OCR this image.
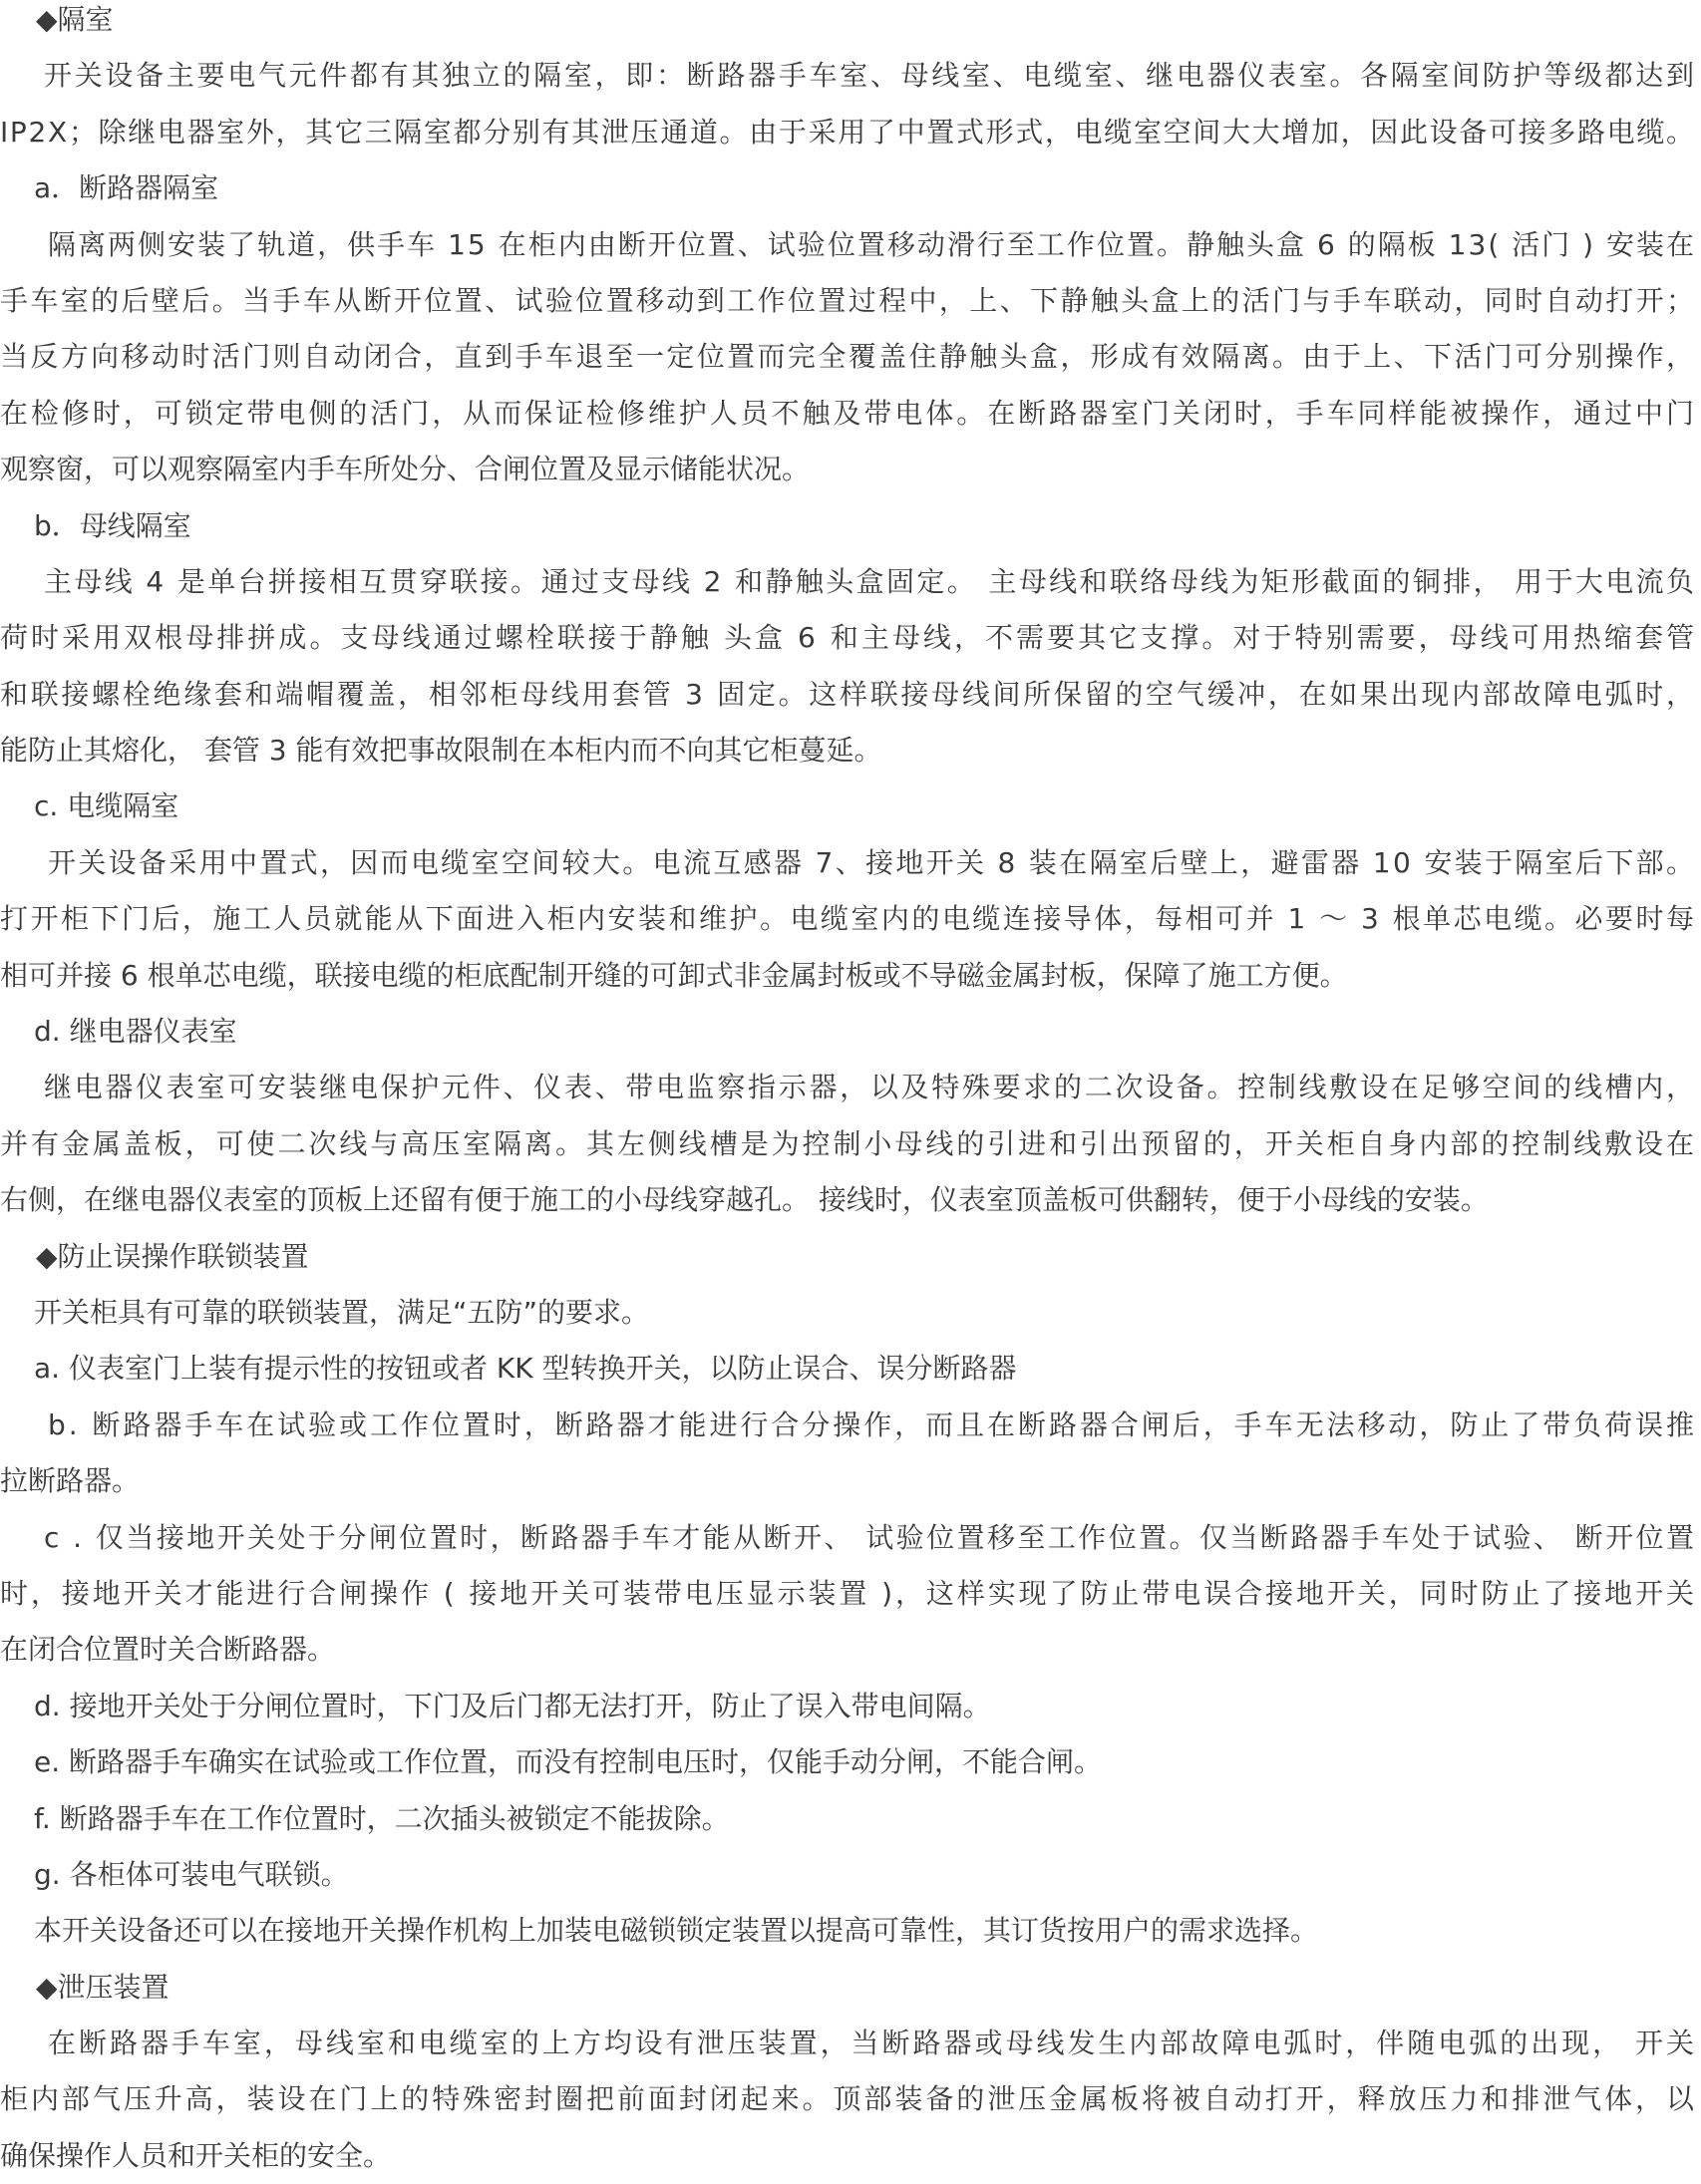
◆隔室
开关设备主要电气元件都有其独立的隔室，即：断路器手车室、母线室、电缆室、继电器仪表室。各隔室间防护等级都达到
IP2X；除继电器室外，其它三隔室都分别有其泄压通道。由于采用了中置式形式，电缆室空间大大增加，因此设备可接多路电缆。
a．断路器隔室
隔离两侧安装了轨道，供手车 15 在柜内由断开位置、试验位置移动滑行至工作位置。静触头盒 6 的隔板 13( 活门 ) 安装在
手车室的后壁后。当手车从断开位置、试验位置移动到工作位置过程中，上、下静触头盒上的活门与手车联动，同时自动打开；
当反方向移动时活门则自动闭合，直到手车退至一定位置而完全覆盖住静触头盒，形成有效隔离。由于上、下活门可分别操作，
在检修时，可锁定带电侧的活门，从而保证检修维护人员不触及带电体。在断路器室门关闭时，手车同样能被操作，通过中门
观察窗，可以观察隔室内手车所处分、合闸位置及显示储能状况。
b．母线隔室
主母线 4 是单台拼接相互贯穿联接。通过支母线 2 和静触头盒固定。 主母线和联络母线为矩形截面的铜排， 用于大电流负
荷时采用双根母排拼成。支母线通过螺栓联接于静触 头盒 6 和主母线，不需要其它支撑。对于特别需要，母线可用热缩套管
和联接螺栓绝缘套和端帽覆盖，相邻柜母线用套管 3 固定。这样联接母线间所保留的空气缓冲，在如果出现内部故障电弧时，
能防止其熔化， 套管 3 能有效把事故限制在本柜内而不向其它柜蔓延。
c. 电缆隔室
开关设备采用中置式，因而电缆室空间较大。电流互感器 7、接地开关 8 装在隔室后壁上，避雷器 10 安装于隔室后下部。
打开柜下门后，施工人员就能从下面进入柜内安装和维护。电缆室内的电缆连接导体，每相可并 1 ～ 3 根单芯电缆。必要时每
相可并接 6 根单芯电缆，联接电缆的柜底配制开缝的可卸式非金属封板或不导磁金属封板，保障了施工方便。
d. 继电器仪表室
继电器仪表室可安装继电保护元件、仪表、带电监察指示器，以及特殊要求的二次设备。控制线敷设在足够空间的线槽内，
并有金属盖板，可使二次线与高压室隔离。其左侧线槽是为控制小母线的引进和引出预留的，开关柜自身内部的控制线敷设在
右侧，在继电器仪表室的顶板上还留有便于施工的小母线穿越孔。 接线时，仪表室顶盖板可供翻转，便于小母线的安装。
◆防止误操作联锁装置
开关柜具有可靠的联锁装置，满足“五防”的要求。
a. 仪表室门上装有提示性的按钮或者 KK 型转换开关，以防止误合、误分断路器
b. 断路器手车在试验或工作位置时，断路器才能进行合分操作，而且在断路器合闸后，手车无法移动，防止了带负荷误推
拉断路器。
c . 仅当接地开关处于分闸位置时，断路器手车才能从断开、 试验位置移至工作位置。仅当断路器手车处于试验、 断开位置
时，接地开关才能进行合闸操作 ( 接地开关可装带电压显示装置 )，这样实现了防止带电误合接地开关，同时防止了接地开关
在闭合位置时关合断路器。
d. 接地开关处于分闸位置时，下门及后门都无法打开，防止了误入带电间隔。
e. 断路器手车确实在试验或工作位置，而没有控制电压时，仅能手动分闸，不能合闸。
f. 断路器手车在工作位置时，二次插头被锁定不能拔除。
g. 各柜体可装电气联锁。
本开关设备还可以在接地开关操作机构上加装电磁锁锁定装置以提高可靠性，其订货按用户的需求选择。
◆泄压装置
在断路器手车室，母线室和电缆室的上方均设有泄压装置，当断路器或母线发生内部故障电弧时，伴随电弧的出现， 开关
柜内部气压升高，装设在门上的特殊密封圈把前面封闭起来。顶部装备的泄压金属板将被自动打开，释放压力和排泄气体，以
确保操作人员和开关柜的安全。
